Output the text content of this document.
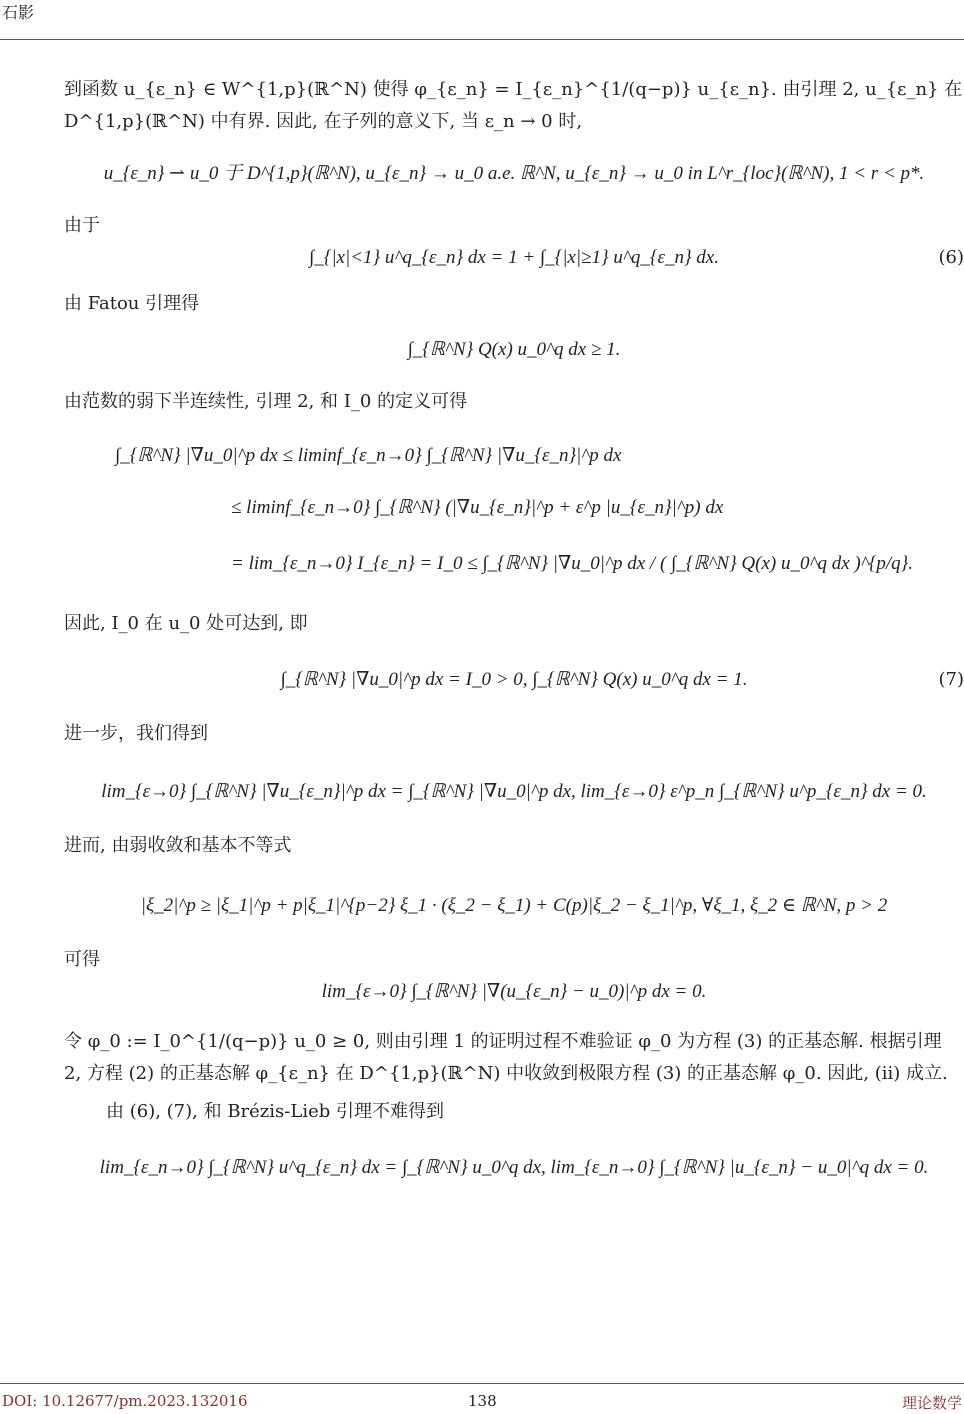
石影

到函数 u_{ε_n} ∈ W^{1,p}(ℝ^N) 使得 φ_{ε_n} = I_{ε_n}^{1/(q−p)} u_{ε_n}. 由引理 2, u_{ε_n} 在 D^{1,p}(ℝ^N) 中有界. 因此, 在子列的意义下, 当 ε_n → 0 时,

u_{ε_n} ⇀ u_0 于 D^{1,p}(ℝ^N), u_{ε_n} → u_0 a.e. ℝ^N, u_{ε_n} → u_0 in L^r_{loc}(ℝ^N), 1 < r < p*.

由于

∫_{|x|<1} u^q_{ε_n} dx = 1 + ∫_{|x|≥1} u^q_{ε_n} dx.	(6)

由 Fatou 引理得

∫_{ℝ^N} Q(x) u_0^q dx ≥ 1.

由范数的弱下半连续性, 引理 2, 和 I_0 的定义可得

∫_{ℝ^N} |∇u_0|^p dx ≤ liminf_{ε_n→0} ∫_{ℝ^N} |∇u_{ε_n}|^p dx
≤ liminf_{ε_n→0} ∫_{ℝ^N} (|∇u_{ε_n}|^p + ε^p |u_{ε_n}|^p) dx
= lim_{ε_n→0} I_{ε_n} = I_0 ≤ ∫_{ℝ^N} |∇u_0|^p dx / ( ∫_{ℝ^N} Q(x) u_0^q dx )^{p/q}.

因此, I_0 在 u_0 处可达到, 即

∫_{ℝ^N} |∇u_0|^p dx = I_0 > 0, ∫_{ℝ^N} Q(x) u_0^q dx = 1.	(7)

进一步，我们得到

lim_{ε→0} ∫_{ℝ^N} |∇u_{ε_n}|^p dx = ∫_{ℝ^N} |∇u_0|^p dx, lim_{ε→0} ε^p_n ∫_{ℝ^N} u^p_{ε_n} dx = 0.

进而, 由弱收敛和基本不等式

|ξ_2|^p ≥ |ξ_1|^p + p|ξ_1|^{p−2} ξ_1 · (ξ_2 − ξ_1) + C(p)|ξ_2 − ξ_1|^p, ∀ξ_1, ξ_2 ∈ ℝ^N, p > 2

可得

lim_{ε→0} ∫_{ℝ^N} |∇(u_{ε_n} − u_0)|^p dx = 0.

令 φ_0 := I_0^{1/(q−p)} u_0 ≥ 0, 则由引理 1 的证明过程不难验证 φ_0 为方程 (3) 的正基态解. 根据引理 2, 方程 (2) 的正基态解 φ_{ε_n} 在 D^{1,p}(ℝ^N) 中收敛到极限方程 (3) 的正基态解 φ_0. 因此, (ii) 成立.

由 (6), (7), 和 Brézis-Lieb 引理不难得到

lim_{ε_n→0} ∫_{ℝ^N} u^q_{ε_n} dx = ∫_{ℝ^N} u_0^q dx, lim_{ε_n→0} ∫_{ℝ^N} |u_{ε_n} − u_0|^q dx = 0.
DOI: 10.12677/pm.2023.132016	138	理论数学
